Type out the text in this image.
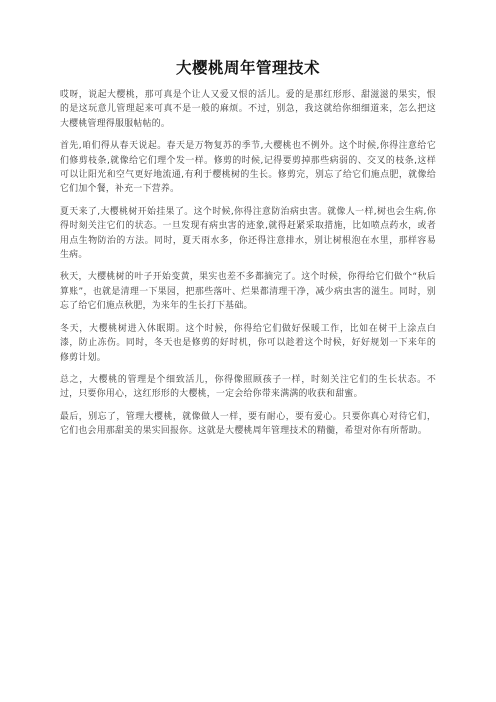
大樱桃周年管理技术

哎呀，说起大樱桃，那可真是个让人又爱又恨的活儿。爱的是那红形形、甜滋滋的果实，恨的是这玩意儿管理起来可真不是一般的麻烦。不过，别急，我这就给你细细道来，怎么把这大樱桃管理得服服帖帖的。

首先,咱们得从春天说起。春天是万物复苏的季节,大樱桃也不例外。这个时候,你得注意给它们修剪枝条,就像给它们理个发一样。修剪的时候,记得要剪掉那些病弱的、交叉的枝条,这样可以让阳光和空气更好地流通,有利于樱桃树的生长。修剪完，别忘了给它们施点肥，就像给它们加个餐，补充一下营养。

夏天来了,大樱桃树开始挂果了。这个时候,你得注意防治病虫害。就像人一样,树也会生病,你得时刻关注它们的状态。一旦发现有病虫害的迹象,就得赶紧采取措施，比如喷点药水，或者用点生物防治的方法。同时，夏天雨水多，你还得注意排水，别让树根泡在水里，那样容易生病。

秋天，大樱桃树的叶子开始变黄，果实也差不多都摘完了。这个时候，你得给它们做个“秋后算账”，也就是清理一下果园，把那些落叶、烂果都清理干净，减少病虫害的滋生。同时，别忘了给它们施点秋肥，为来年的生长打下基础。

冬天，大樱桃树进入休眠期。这个时候，你得给它们做好保暖工作，比如在树干上涂点白漆，防止冻伤。同时，冬天也是修剪的好时机，你可以趁着这个时候，好好规划一下来年的修剪计划。

总之，大樱桃的管理是个细致活儿，你得像照顾孩子一样，时刻关注它们的生长状态。不过，只要你用心，这红形形的大樱桃，一定会给你带来满满的收获和甜蜜。

最后，别忘了，管理大樱桃，就像做人一样，要有耐心，要有爱心。只要你真心对待它们，它们也会用那甜美的果实回报你。这就是大樱桃周年管理技术的精髓，希望对你有所帮助。
